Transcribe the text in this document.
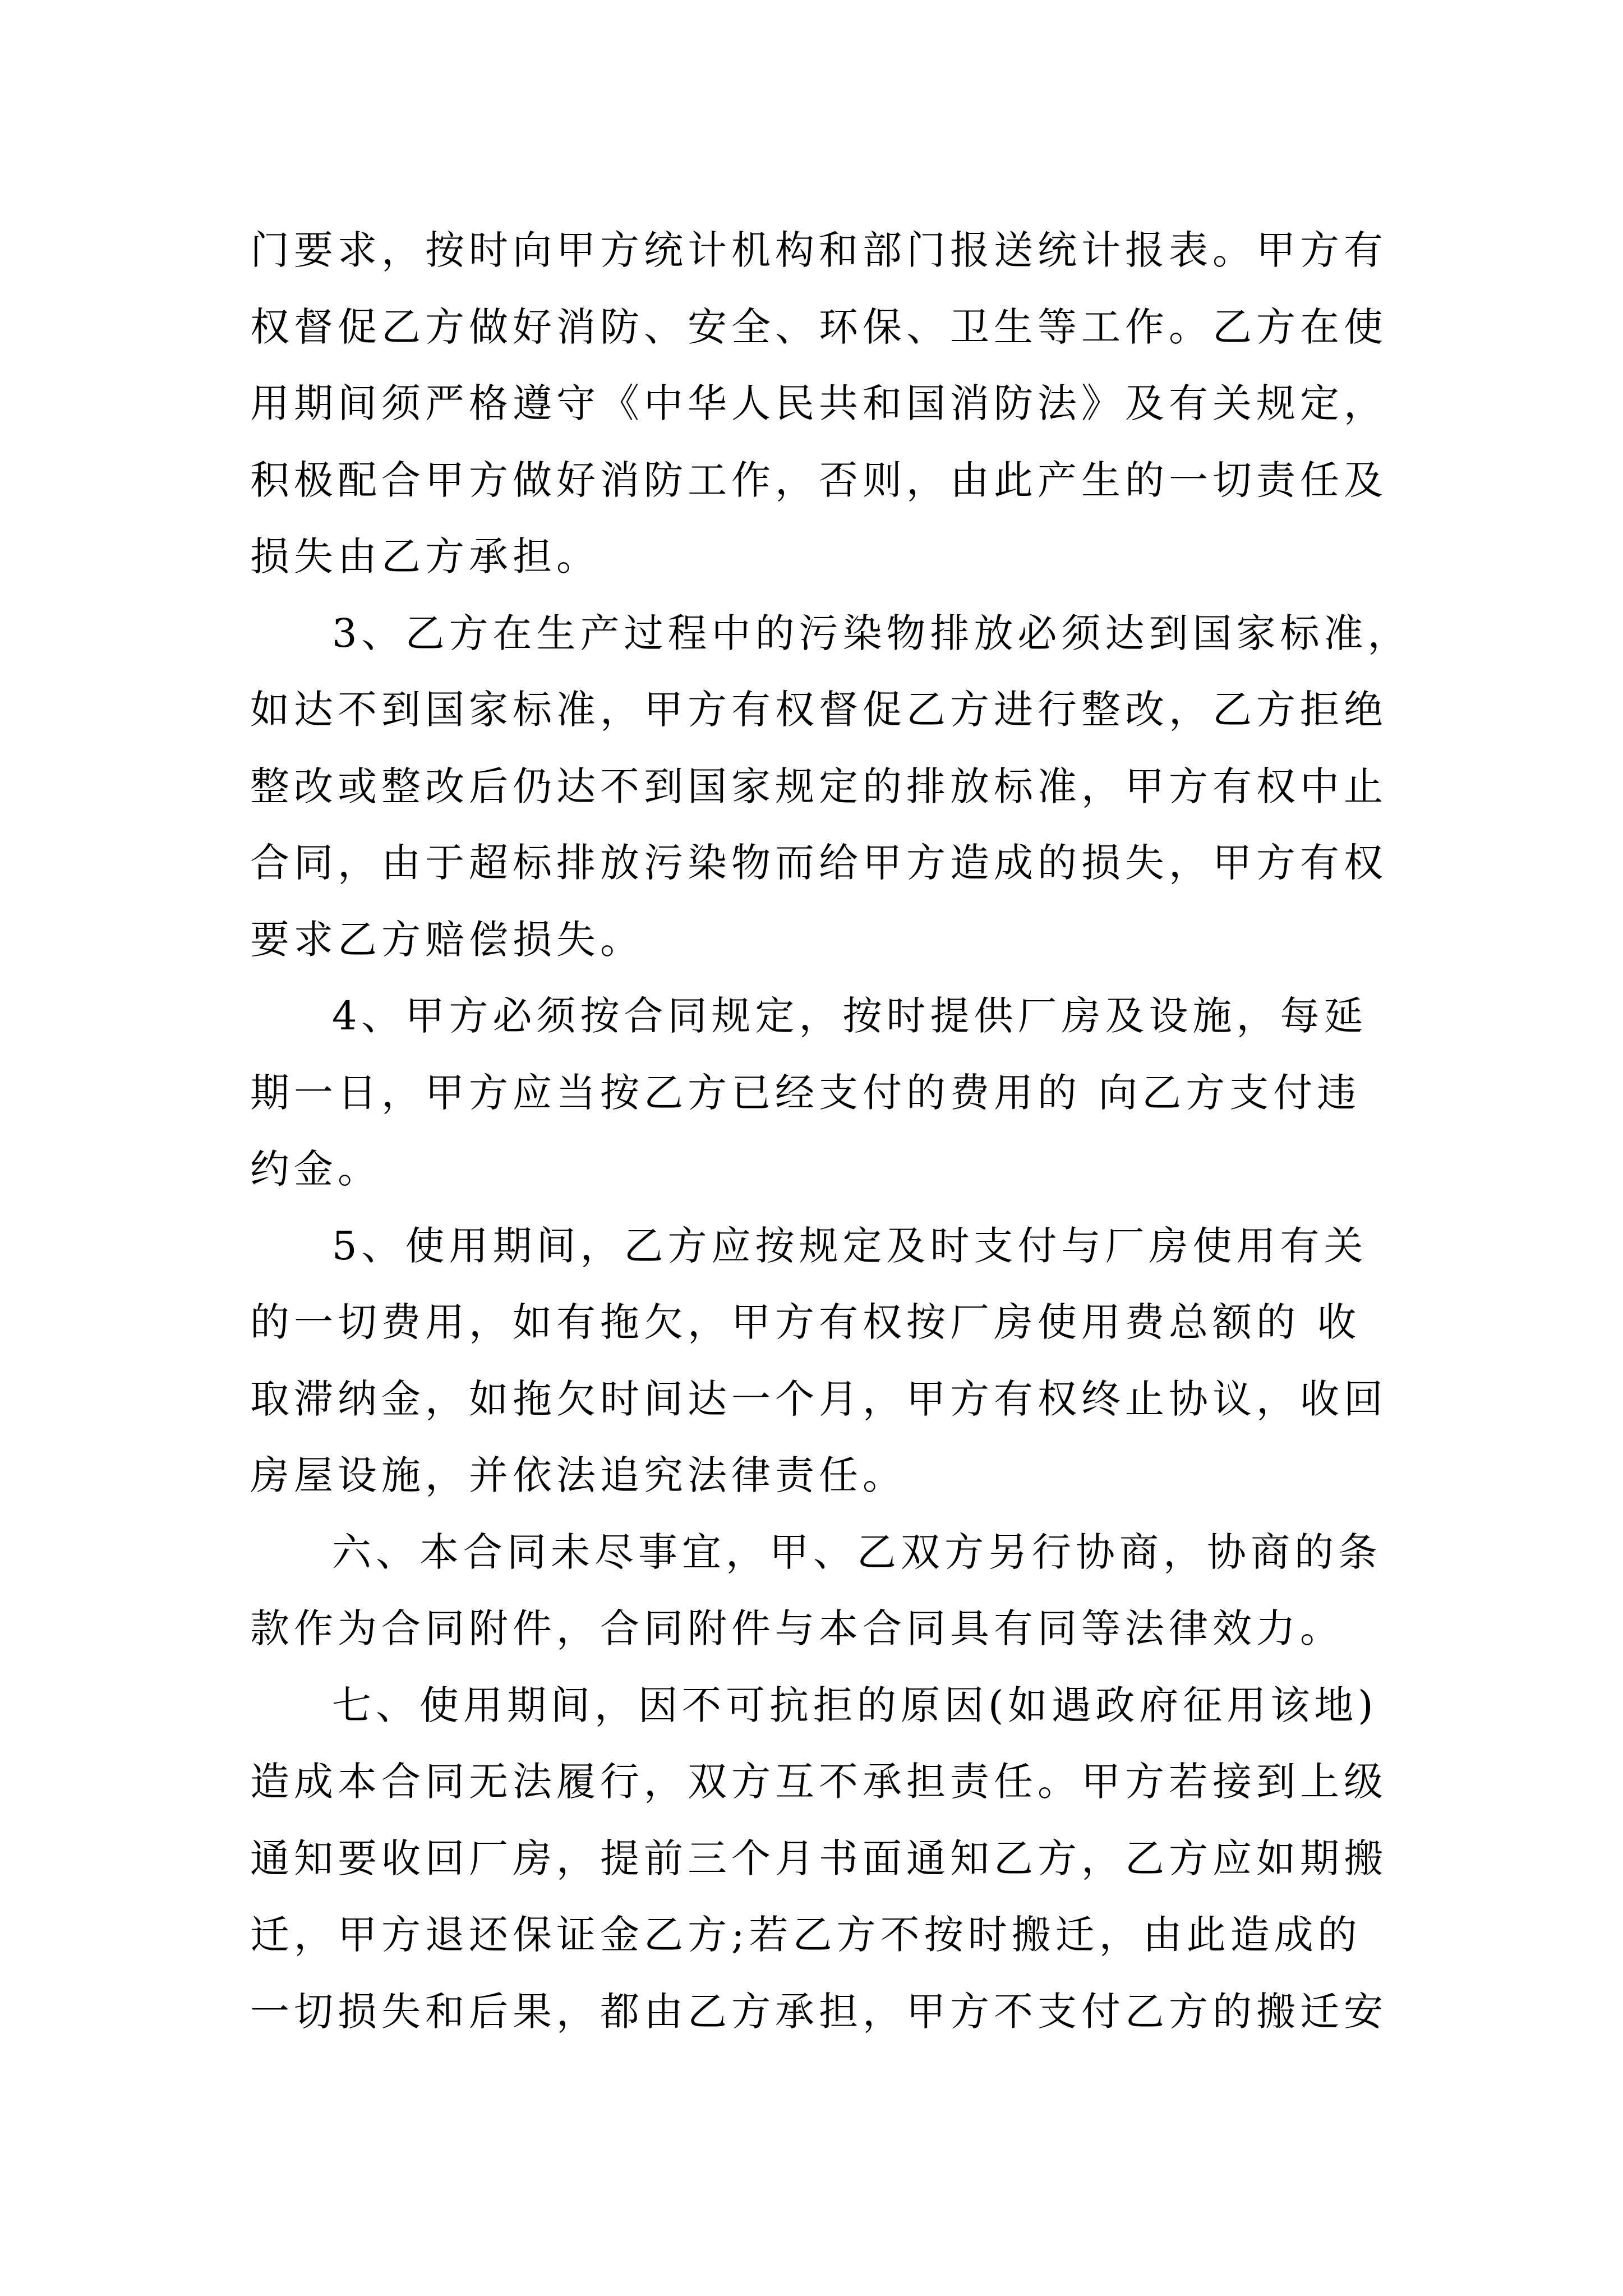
门要求，按时向甲方统计机构和部门报送统计报表。甲方有
权督促乙方做好消防、安全、环保、卫生等工作。乙方在使
用期间须严格遵守《中华人民共和国消防法》及有关规定，
积极配合甲方做好消防工作，否则，由此产生的一切责任及
损失由乙方承担。
3、乙方在生产过程中的污染物排放必须达到国家标准，
如达不到国家标准，甲方有权督促乙方进行整改，乙方拒绝
整改或整改后仍达不到国家规定的排放标准，甲方有权中止
合同，由于超标排放污染物而给甲方造成的损失，甲方有权
要求乙方赔偿损失。
4、甲方必须按合同规定，按时提供厂房及设施，每延
期一日，甲方应当按乙方已经支付的费用的 向乙方支付违
约金。
5、使用期间，乙方应按规定及时支付与厂房使用有关
的一切费用，如有拖欠，甲方有权按厂房使用费总额的 收
取滞纳金，如拖欠时间达一个月，甲方有权终止协议，收回
房屋设施，并依法追究法律责任。
六、本合同未尽事宜，甲、乙双方另行协商，协商的条
款作为合同附件，合同附件与本合同具有同等法律效力。
七、使用期间，因不可抗拒的原因(如遇政府征用该地)
造成本合同无法履行，双方互不承担责任。甲方若接到上级
通知要收回厂房，提前三个月书面通知乙方，乙方应如期搬
迁，甲方退还保证金乙方;若乙方不按时搬迁，由此造成的
一切损失和后果，都由乙方承担，甲方不支付乙方的搬迁安
